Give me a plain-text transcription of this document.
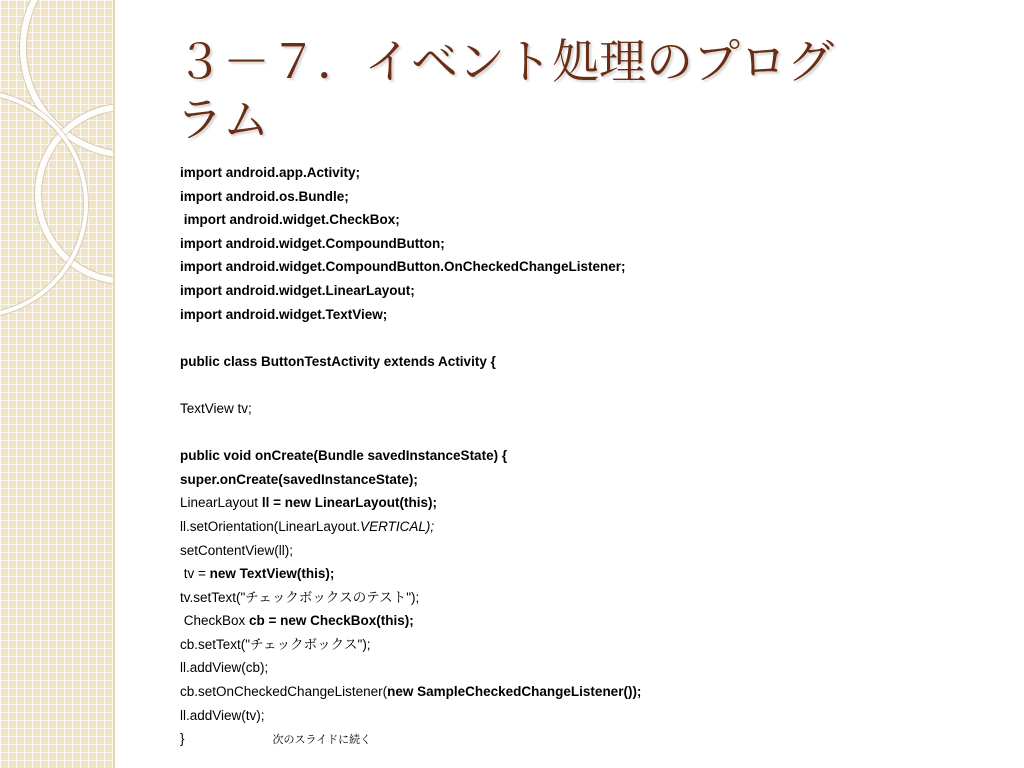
３－７．イベント処理のプログ
ラム
import android.app.Activity;
import android.os.Bundle;
import android.widget.CheckBox;
import android.widget.CompoundButton;
import android.widget.CompoundButton.OnCheckedChangeListener;
import android.widget.LinearLayout;
import android.widget.TextView;
public class ButtonTestActivity extends Activity {
TextView tv;
public void onCreate(Bundle savedInstanceState) {
super.onCreate(savedInstanceState);
LinearLayout ll = new LinearLayout(this);
ll.setOrientation(LinearLayout.VERTICAL);
setContentView(ll);
tv = new TextView(this);
tv.setText("チェックボックスのテスト");
CheckBox cb = new CheckBox(this);
cb.setText("チェックボックス");
ll.addView(cb);
cb.setOnCheckedChangeListener(new SampleCheckedChangeListener());
ll.addView(tv);
}	次のスライドに続く
